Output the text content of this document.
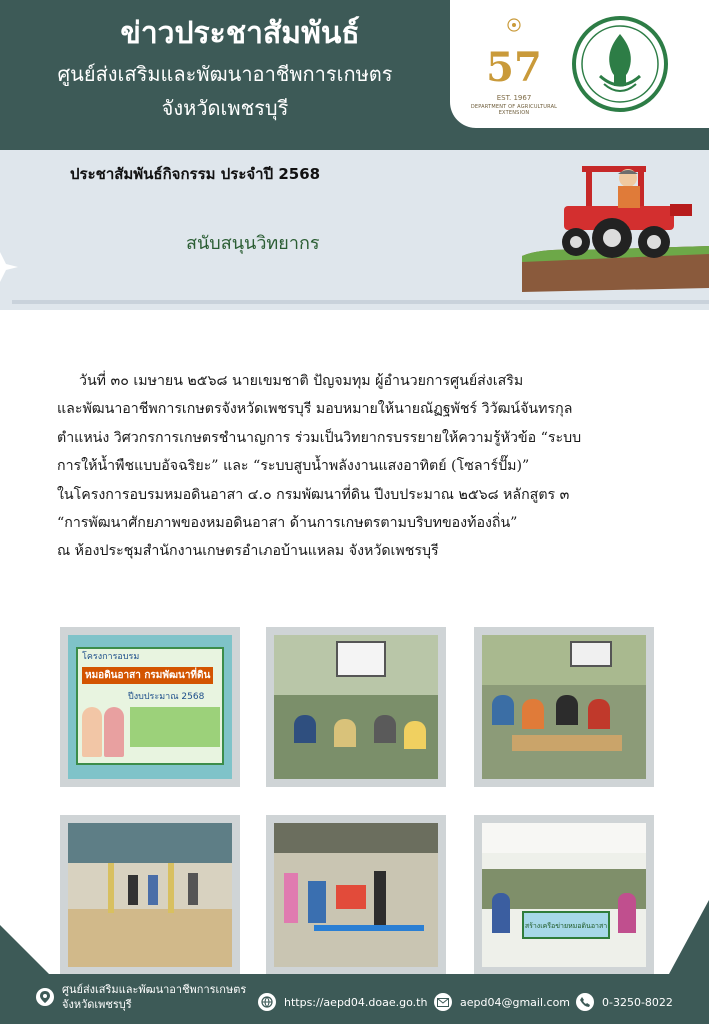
ข่าวประชาสัมพันธ์
ศูนย์ส่งเสริมและพัฒนาอาชีพการเกษตร
จังหวัดเพชรบุรี
57
EST. 1967
DEPARTMENT OF AGRICULTURAL EXTENSION
ประชาสัมพันธ์กิจกรรม ประจำปี 2568
สนับสนุนวิทยากร
วันที่ ๓๐ เมษายน ๒๕๖๘ นายเขมชาติ ปัญจมทุม ผู้อำนวยการศูนย์ส่งเสริม
และพัฒนาอาชีพการเกษตรจังหวัดเพชรบุรี มอบหมายให้นายณัฏฐพัชร์ วิวัฒน์จันทรกุล
ตำแหน่ง วิศวกรการเกษตรชำนาญการ ร่วมเป็นวิทยากรบรรยายให้ความรู้หัวข้อ “ระบบ
การให้น้ำพืชแบบอัจฉริยะ” และ “ระบบสูบน้ำพลังงานแสงอาทิตย์ (โซลาร์ปั๊ม)”
ในโครงการอบรมหมอดินอาสา ๔.๐ กรมพัฒนาที่ดิน ปีงบประมาณ ๒๕๖๘ หลักสูตร ๓
“การพัฒนาศักยภาพของหมอดินอาสา ด้านการเกษตรตามบริบทของท้องถิ่น”
ณ ห้องประชุมสำนักงานเกษตรอำเภอบ้านแหลม จังหวัดเพชรบุรี
โครงการอบรม
หมอดินอาสา กรมพัฒนาที่ดิน
ปีงบประมาณ 2568
สร้างเครือข่ายหมอดินอาสา
ศูนย์ส่งเสริมและพัฒนาอาชีพการเกษตร
จังหวัดเพชรบุรี	https://aepd04.doae.go.th	aepd04@gmail.com	0-3250-8022
